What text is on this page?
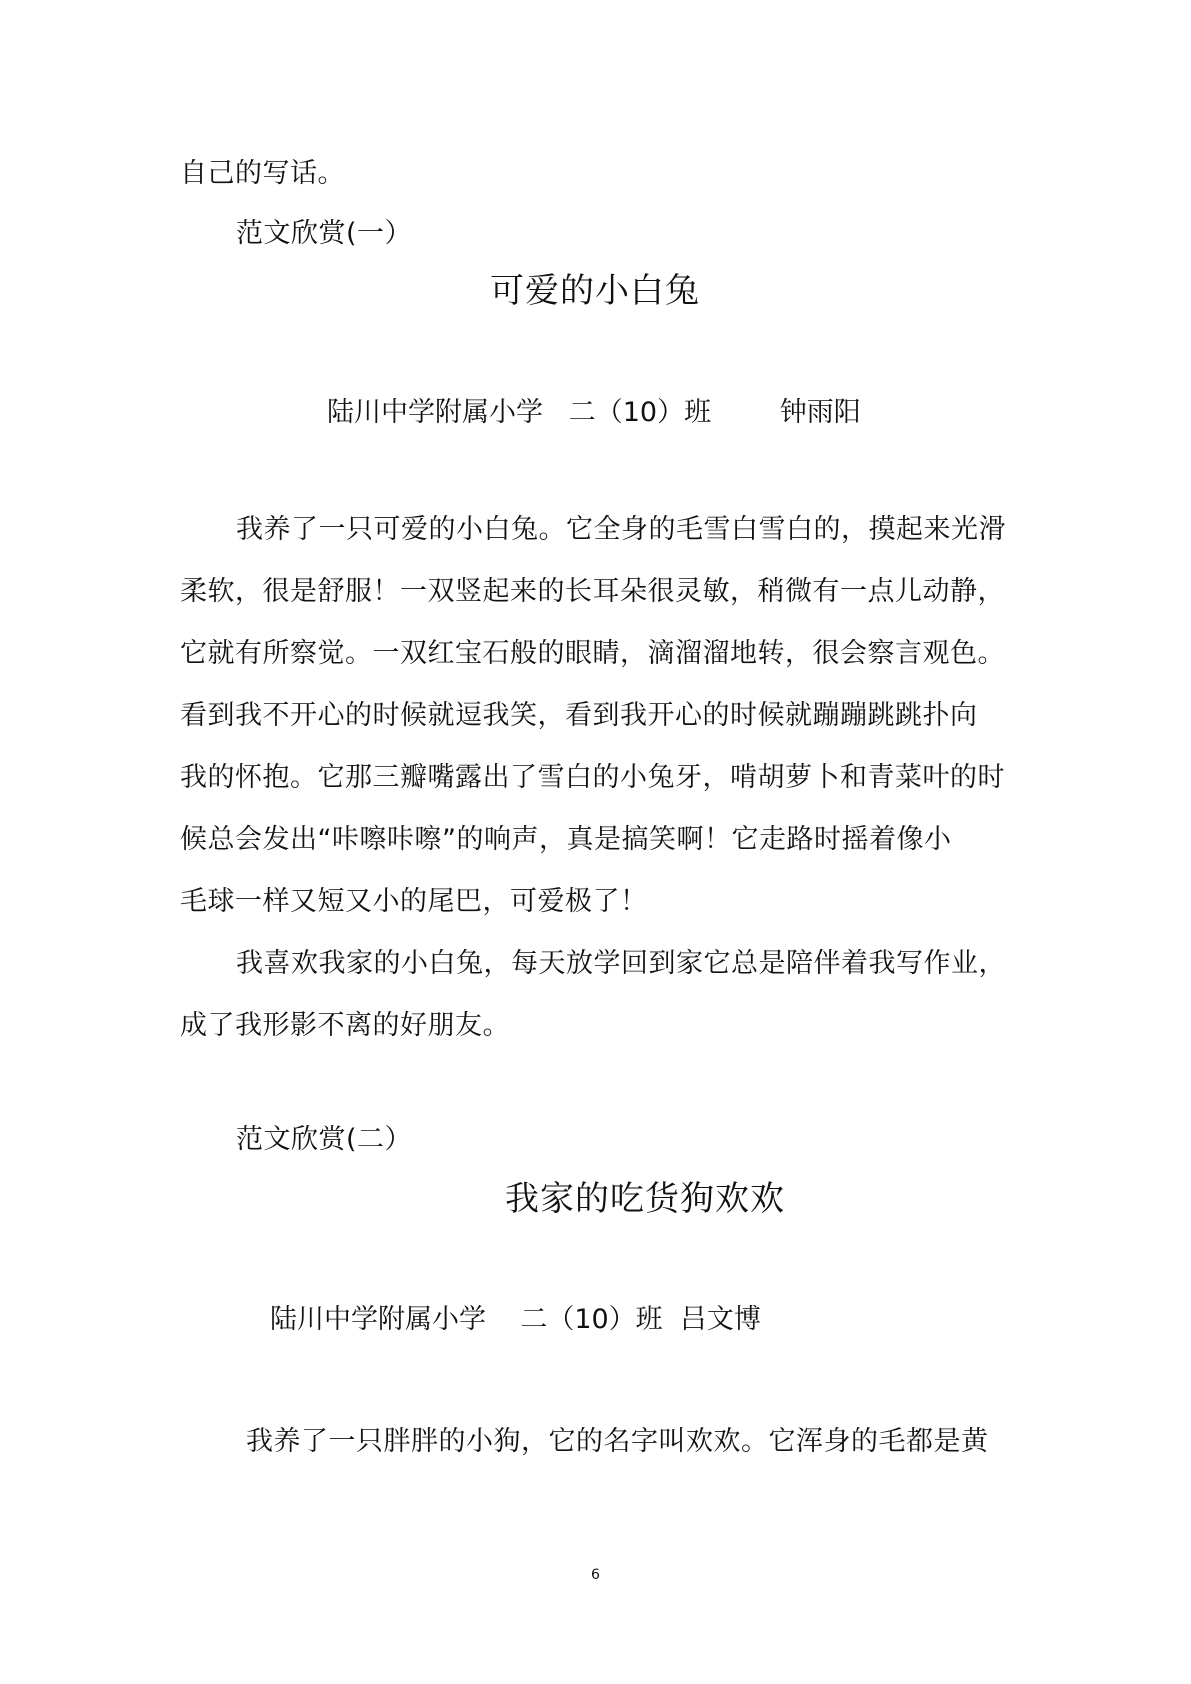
自己的写话。
范文欣赏(一）
可爱的小白兔
陆川中学附属小学   二（10）班        钟雨阳
我养了一只可爱的小白兔。它全身的毛雪白雪白的，摸起来光滑
柔软，很是舒服！一双竖起来的长耳朵很灵敏，稍微有一点儿动静，
它就有所察觉。一双红宝石般的眼睛，滴溜溜地转，很会察言观色。
看到我不开心的时候就逗我笑，看到我开心的时候就蹦蹦跳跳扑向
我的怀抱。它那三瓣嘴露出了雪白的小兔牙，啃胡萝卜和青菜叶的时
候总会发出“咔嚓咔嚓”的响声，真是搞笑啊！它走路时摇着像小
毛球一样又短又小的尾巴，可爱极了！
我喜欢我家的小白兔，每天放学回到家它总是陪伴着我写作业，
成了我形影不离的好朋友。
范文欣赏(二）
我家的吃货狗欢欢
陆川中学附属小学    二（10）班  吕文博
我养了一只胖胖的小狗，它的名字叫欢欢。它浑身的毛都是黄
6
